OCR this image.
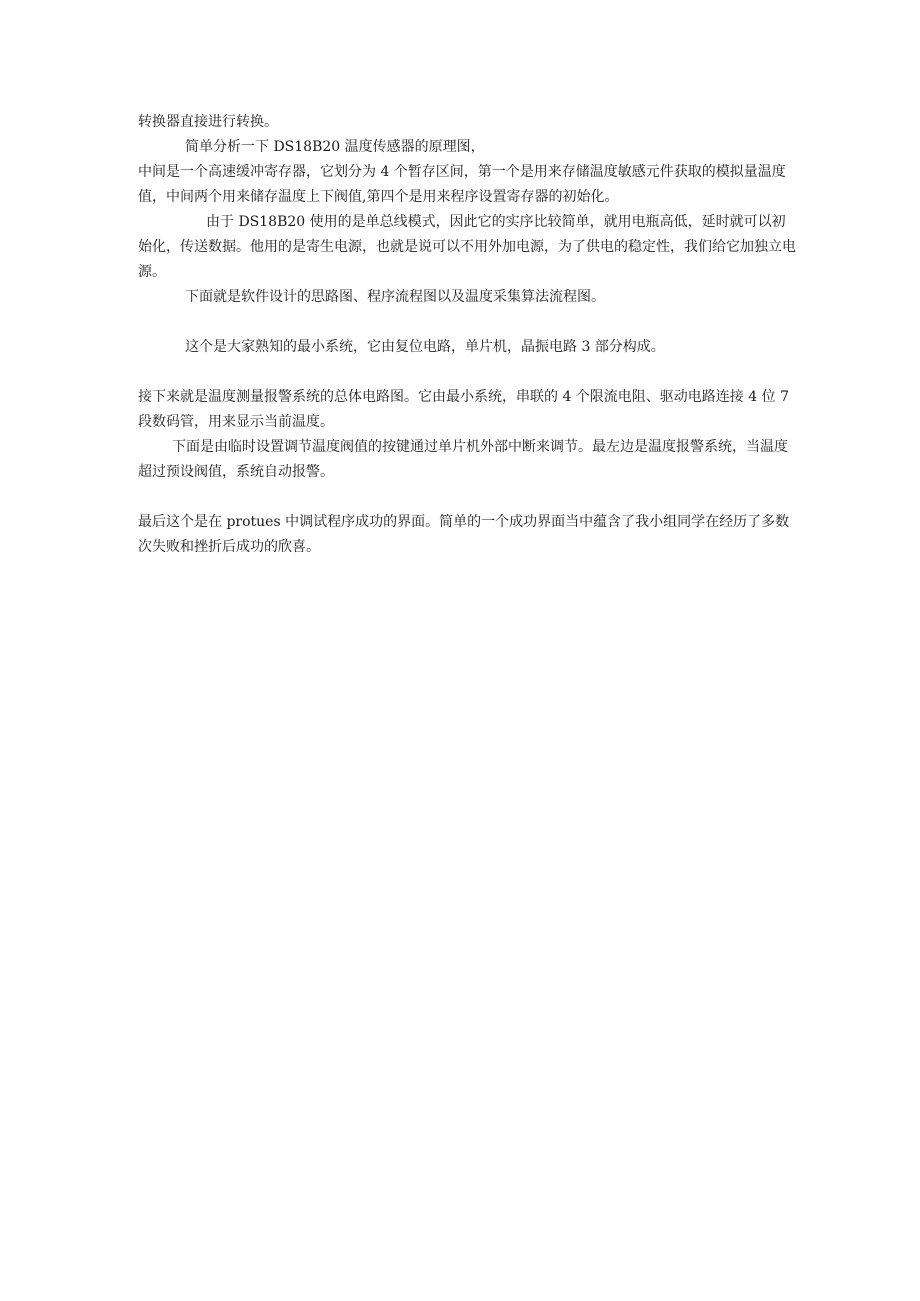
转换器直接进行转换。

简单分析一下 DS18B20 温度传感器的原理图，

中间是一个高速缓冲寄存器，它划分为 4 个暂存区间，第一个是用来存储温度敏感元件获取的模拟量温度值，中间两个用来储存温度上下阀值,第四个是用来程序设置寄存器的初始化。

由于 DS18B20 使用的是单总线模式，因此它的实序比较简单，就用电瓶高低，延时就可以初始化，传送数据。他用的是寄生电源，也就是说可以不用外加电源，为了供电的稳定性，我们给它加独立电源。

下面就是软件设计的思路图、程序流程图以及温度采集算法流程图。

这个是大家熟知的最小系统，它由复位电路，单片机，晶振电路 3 部分构成。

接下来就是温度测量报警系统的总体电路图。它由最小系统，串联的 4 个限流电阻、驱动电路连接 4 位 7 段数码管，用来显示当前温度。

下面是由临时设置调节温度阀值的按键通过单片机外部中断来调节。最左边是温度报警系统，当温度超过预设阀值，系统自动报警。

最后这个是在 protues 中调试程序成功的界面。简单的一个成功界面当中蕴含了我小组同学在经历了多数次失败和挫折后成功的欣喜。
